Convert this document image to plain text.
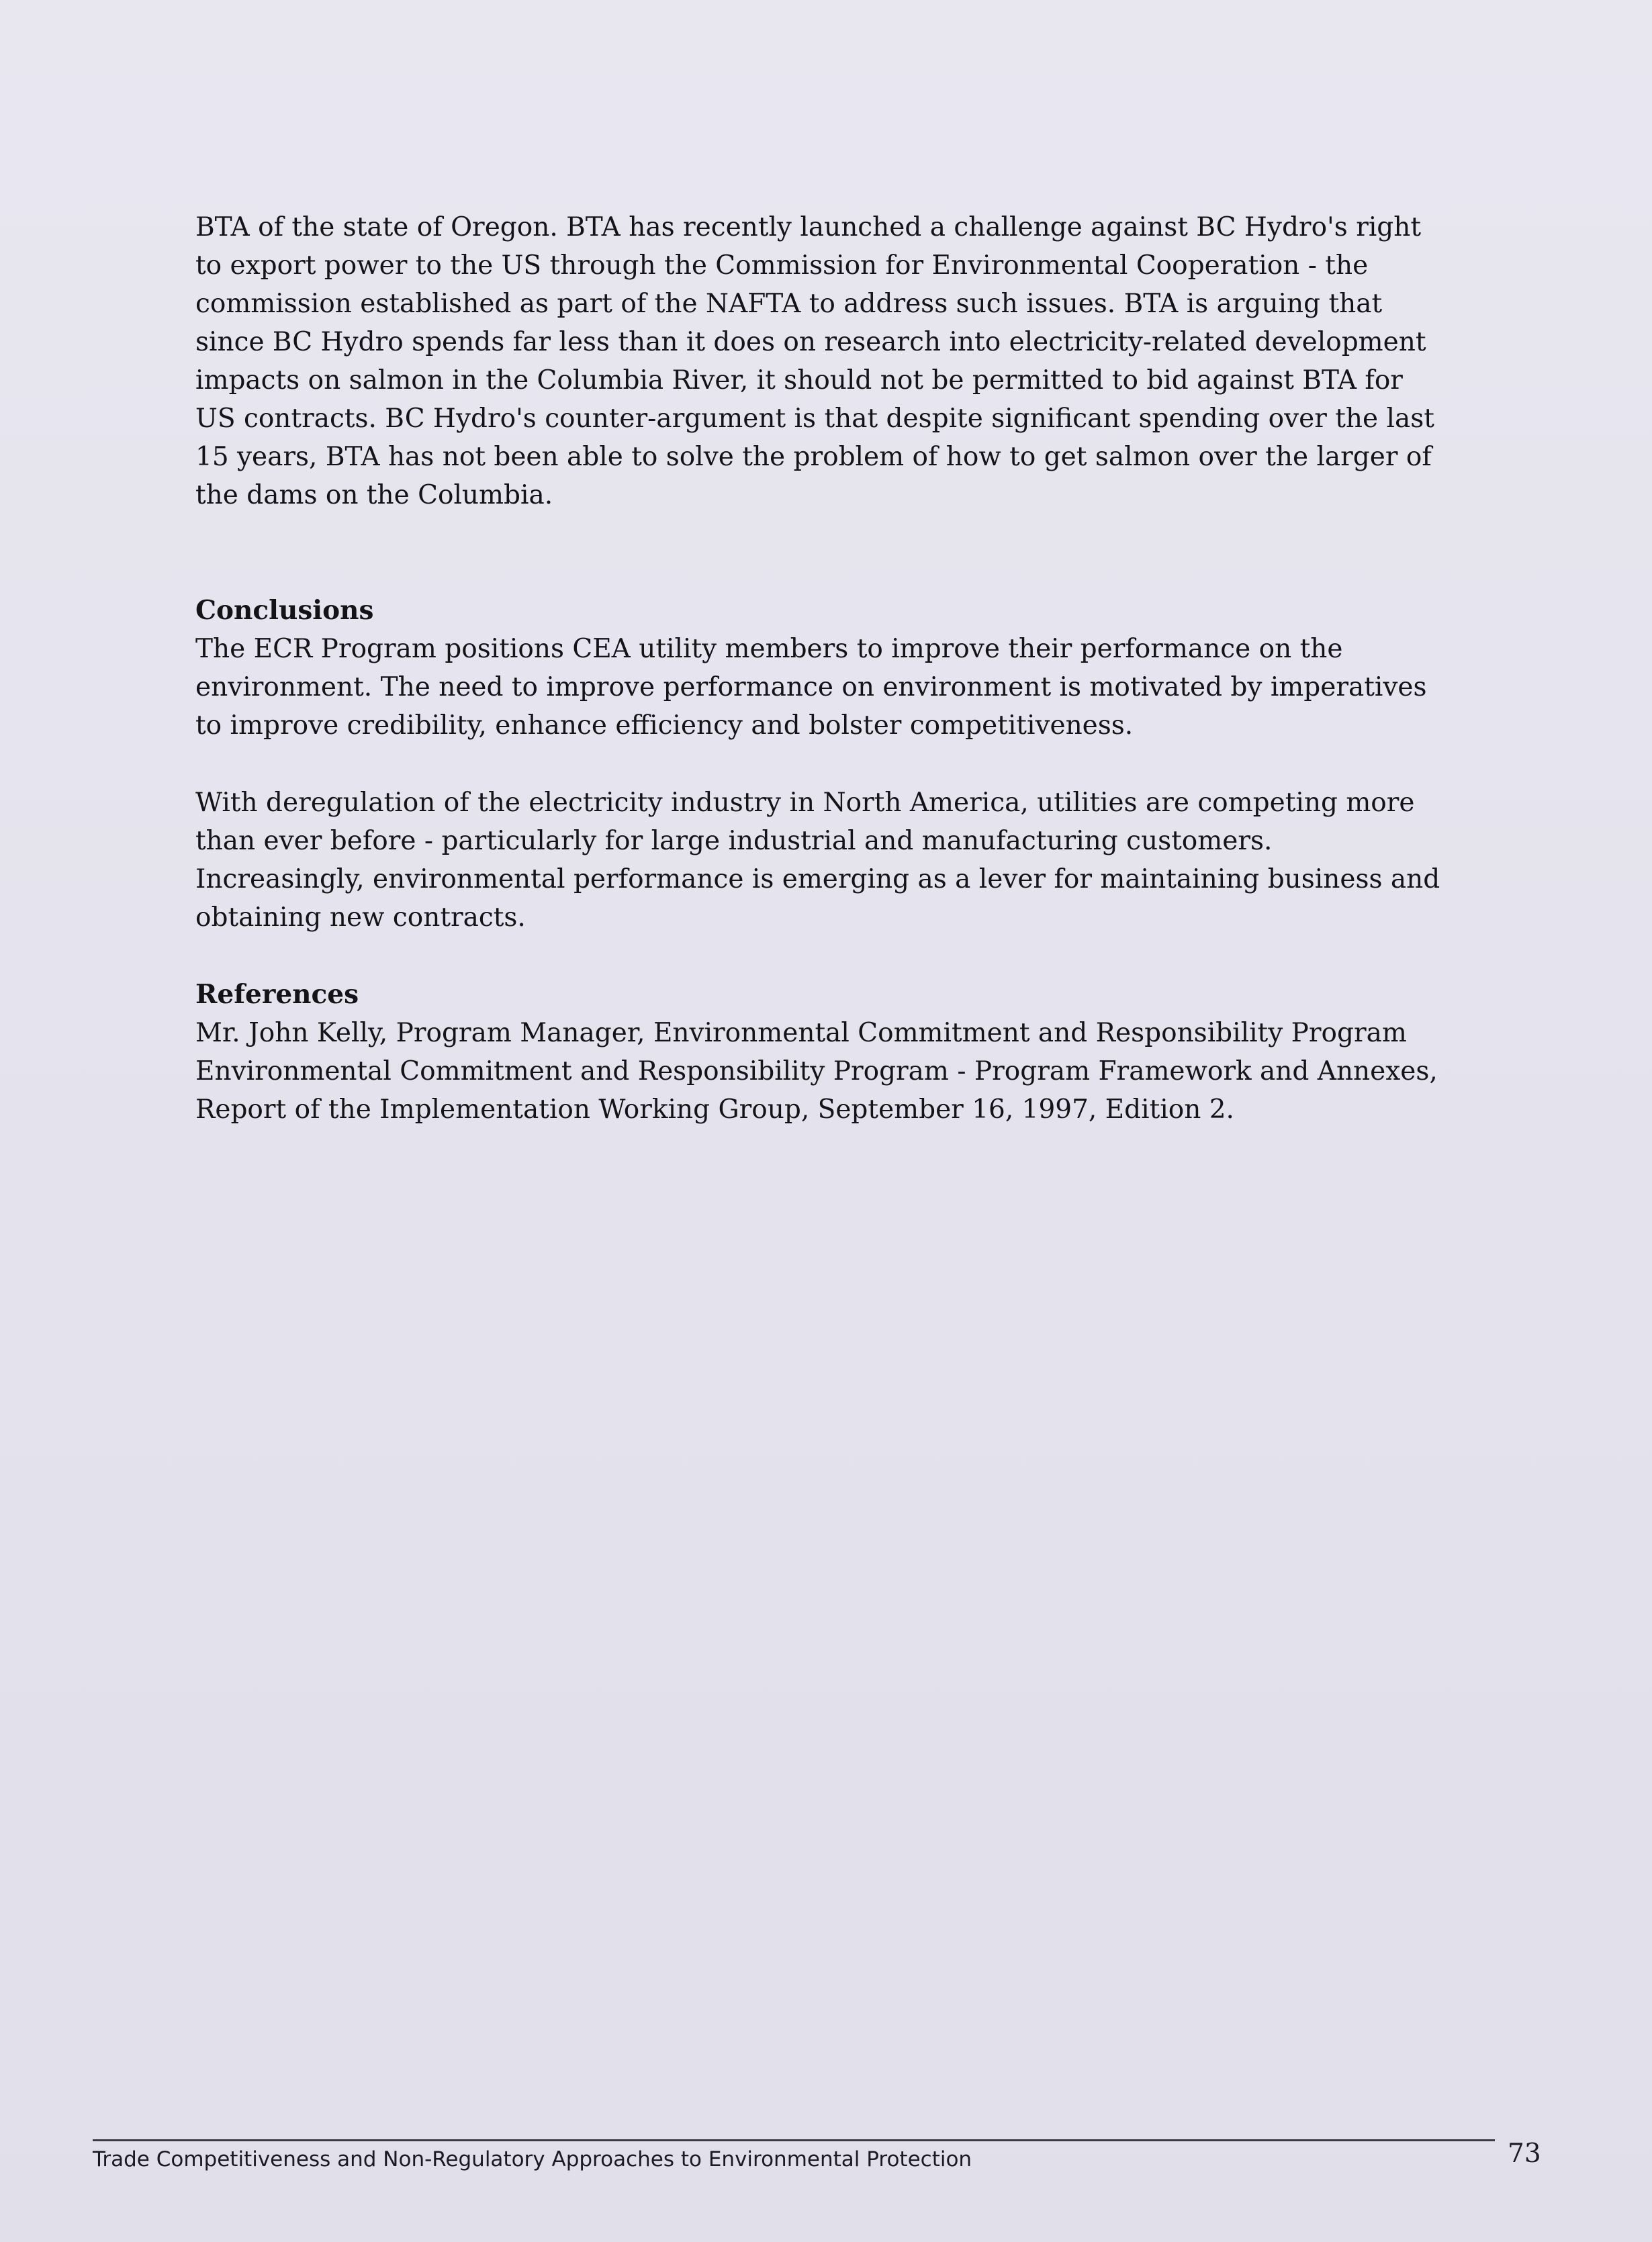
BTA of the state of Oregon. BTA has recently launched a challenge against BC Hydro's right to export power to the US through the Commission for Environmental Cooperation - the commission established as part of the NAFTA to address such issues. BTA is arguing that since BC Hydro spends far less than it does on research into electricity-related development impacts on salmon in the Columbia River, it should not be permitted to bid against BTA for US contracts. BC Hydro's counter-argument is that despite significant spending over the last 15 years, BTA has not been able to solve the problem of how to get salmon over the larger of the dams on the Columbia.

Conclusions

The ECR Program positions CEA utility members to improve their performance on the environment. The need to improve performance on environment is motivated by imperatives to improve credibility, enhance efficiency and bolster competitiveness.

With deregulation of the electricity industry in North America, utilities are competing more than ever before - particularly for large industrial and manufacturing customers. Increasingly, environmental performance is emerging as a lever for maintaining business and obtaining new contracts.

References

Mr. John Kelly, Program Manager, Environmental Commitment and Responsibility Program

Environmental Commitment and Responsibility Program - Program Framework and Annexes, Report of the Implementation Working Group, September 16, 1997, Edition 2.

Trade Competitiveness and Non-Regulatory Approaches to Environmental Protection	73
